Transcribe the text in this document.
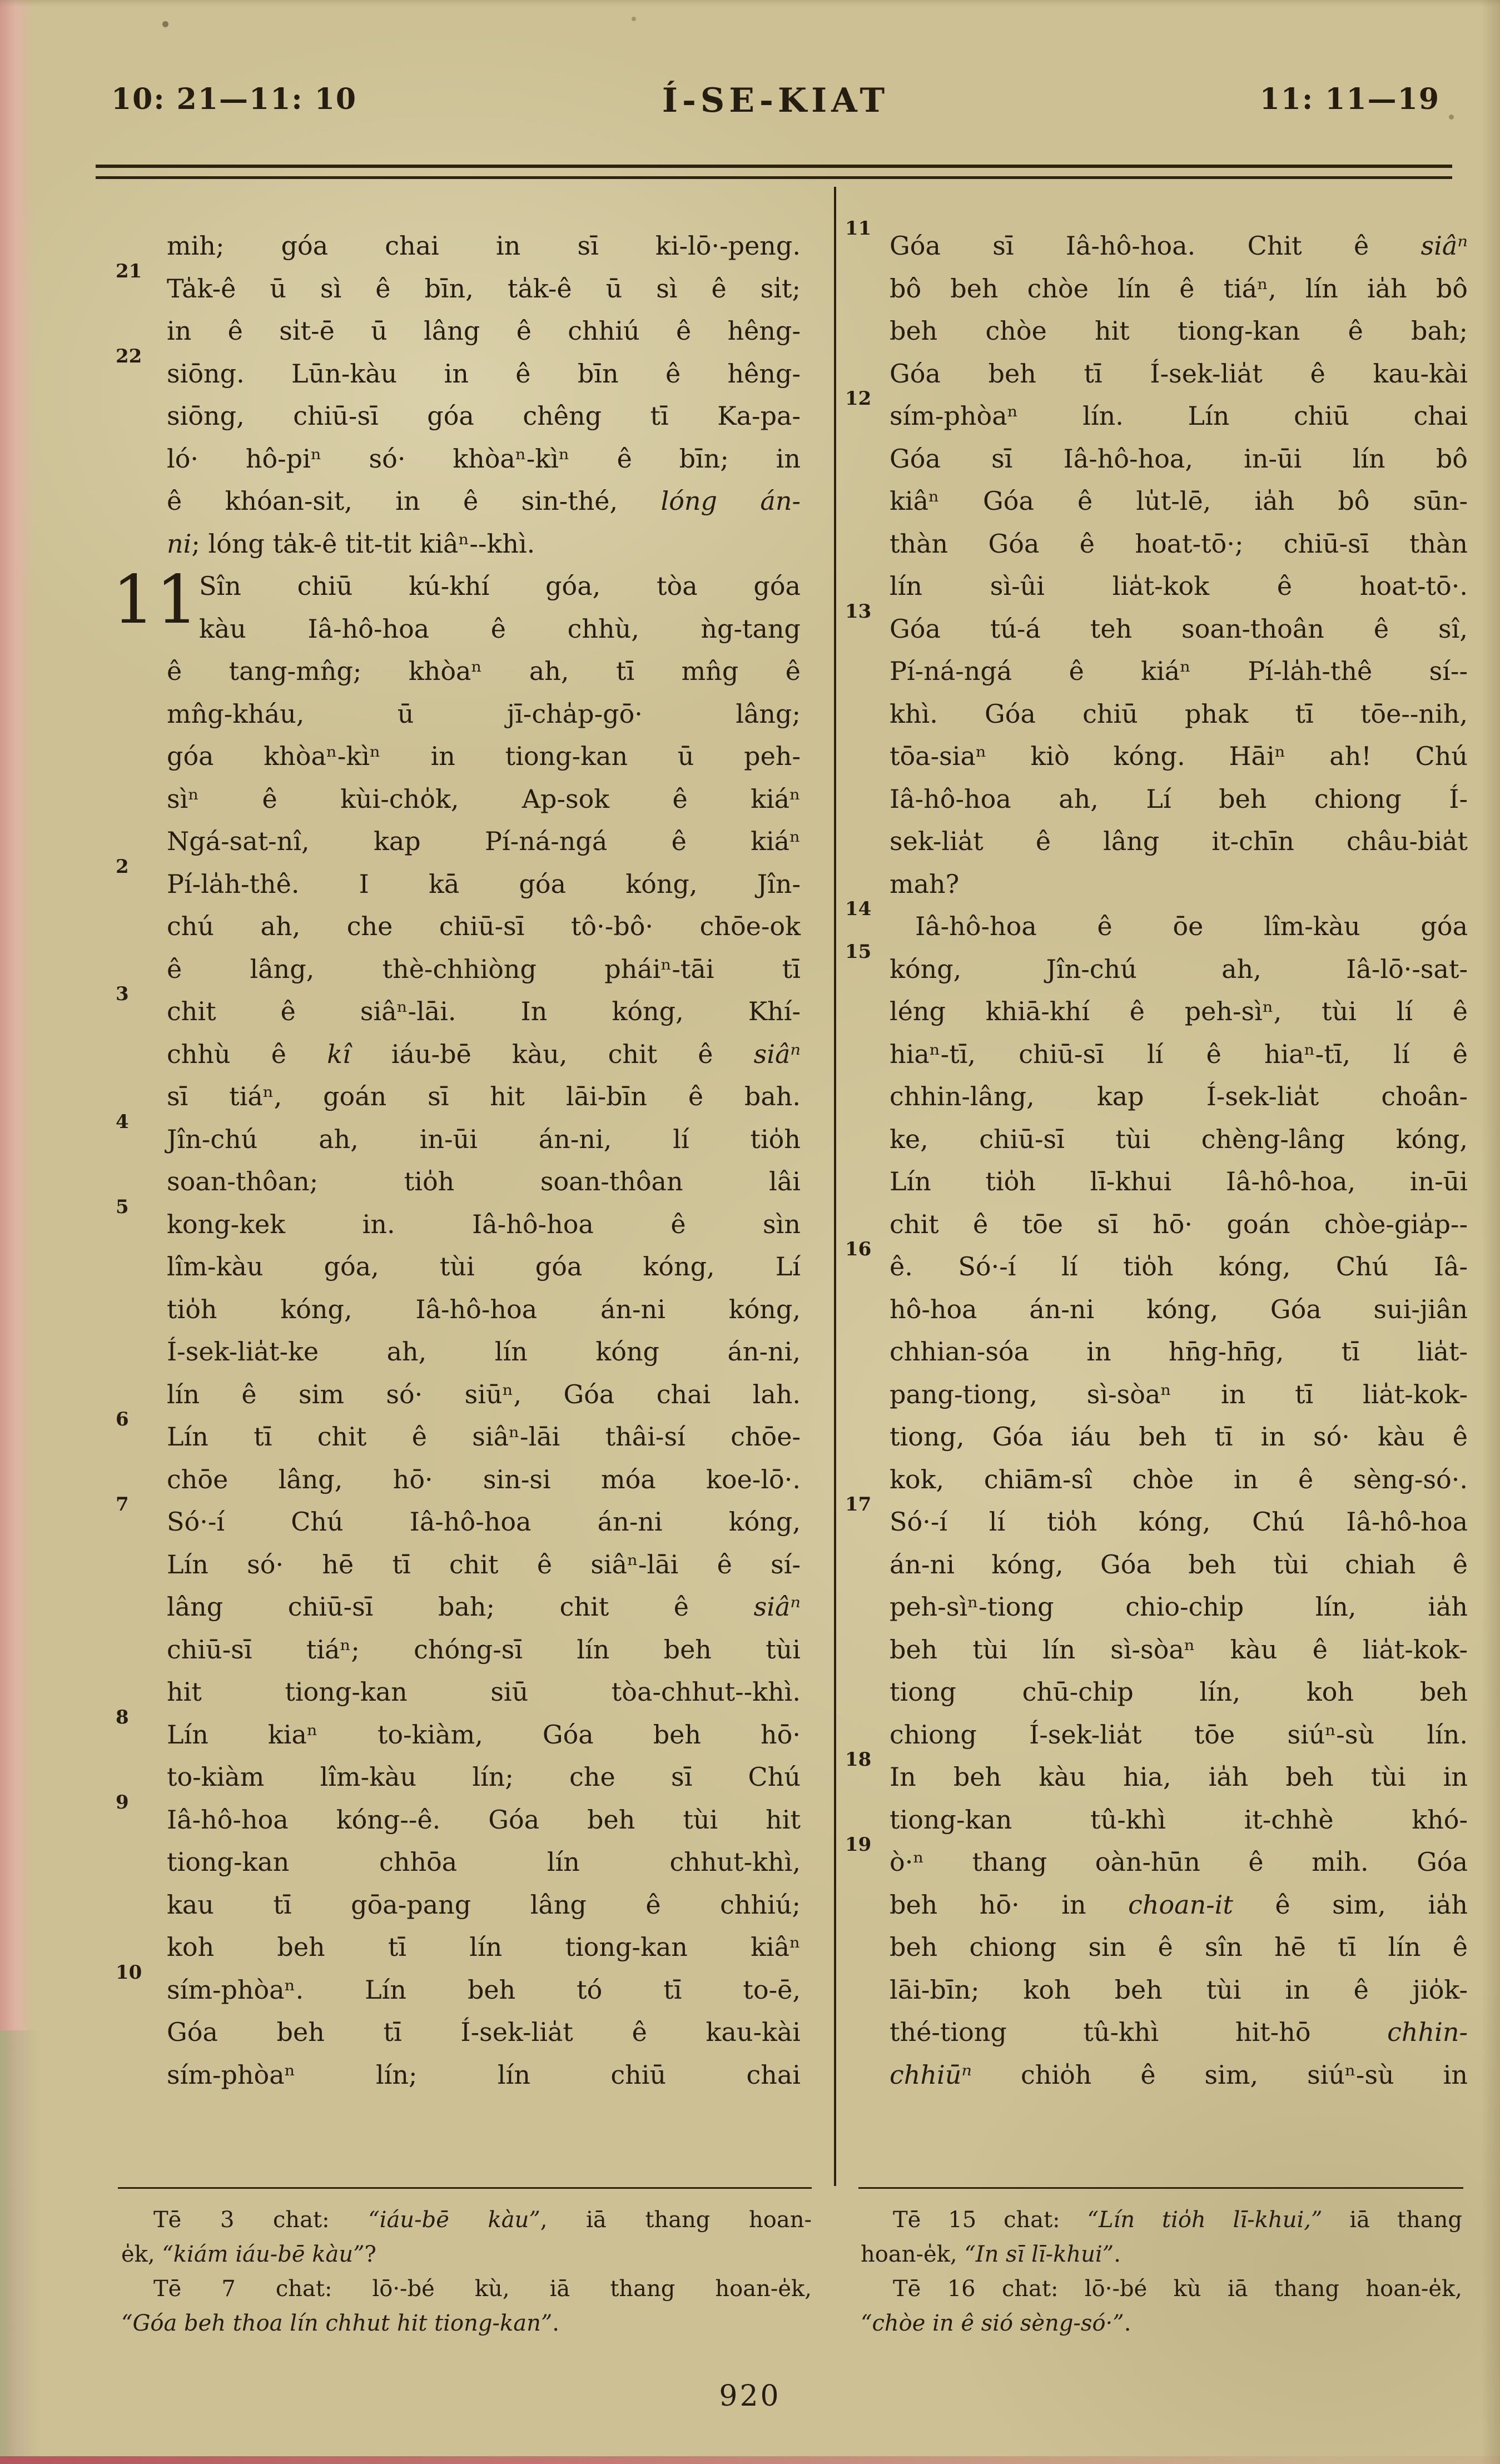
10: 21—11: 10	Í-SE-KIAT	11: 11—19
mih; góa chai in sī ki-lō·-peng.
21
Ta̍k-ê ū sì ê bīn, ta̍k-ê ū sì ê si̍t;
in ê si̍t-ē ū lâng ê chhiú ê hêng-
22
siōng. Lūn-kàu in ê bīn ê hêng-
siōng, chiū-sī góa chêng tī Ka-pa-
ló· hô-piⁿ só· khòaⁿ-kìⁿ ê bīn; in
ê khóan-sit, in ê sin-thé, lóng án-
ni; lóng ta̍k-ê ti̍t-ti̍t kiâⁿ--khì.
11 Sîn chiū kú-khí góa, tòa góa
kàu Iâ-hô-hoa ê chhù, ǹg-tang
ê tang-mn̂g; khòaⁿ ah, tī mn̂g ê
mn̂g-kháu, ū jī-cha̍p-gō· lâng;
góa khòaⁿ-kìⁿ in tiong-kan ū peh-
sìⁿ ê kùi-cho̍k, Ap-sok ê kiáⁿ
Ngá-sat-nî, kap Pí-ná-ngá ê kiáⁿ
2
Pí-la̍h-thê. I kā góa kóng, Jîn-
chú ah, che chiū-sī tô·-bô· chōe-ok
ê lâng, thè-chhiòng pháiⁿ-tāi tī
3
chit ê siâⁿ-lāi. In kóng, Khí-
chhù ê kî iáu-bē kàu, chit ê siâⁿ
sī tiáⁿ, goán sī hit lāi-bīn ê bah.
4
Jîn-chú ah, in-ūi án-ni, lí tio̍h
soan-thôan; tio̍h soan-thôan lâi
5
kong-kek in. Iâ-hô-hoa ê sìn
lîm-kàu góa, tùi góa kóng, Lí
tio̍h kóng, Iâ-hô-hoa án-ni kóng,
Í-sek-lia̍t-ke ah, lín kóng án-ni,
lín ê sim só· siūⁿ, Góa chai lah.
6
Lín tī chit ê siâⁿ-lāi thâi-sí chōe-
chōe lâng, hō· sin-si móa koe-lō·.
7
Só·-í Chú Iâ-hô-hoa án-ni kóng,
Lín só· hē tī chit ê siâⁿ-lāi ê sí-
lâng chiū-sī bah; chit ê siâⁿ
chiū-sī tiáⁿ; chóng-sī lín beh tùi
hit tiong-kan siū tòa-chhut--khì.
8
Lín kiaⁿ to-kiàm, Góa beh hō·
to-kiàm lîm-kàu lín; che sī Chú
9
Iâ-hô-hoa kóng--ê. Góa beh tùi hit
tiong-kan chhōa lín chhut-khì,
kau tī gōa-pang lâng ê chhiú;
koh beh tī lín tiong-kan kiâⁿ
10
sím-phòaⁿ. Lín beh tó tī to-ē,
Góa beh tī Í-sek-lia̍t ê kau-kài
sím-phòaⁿ lín; lín chiū chai
11
Góa sī Iâ-hô-hoa. Chit ê siâⁿ
bô beh chòe lín ê tiáⁿ, lín ia̍h bô
beh chòe hit tiong-kan ê bah;
Góa beh tī Í-sek-lia̍t ê kau-kài
12
sím-phòaⁿ lín. Lín chiū chai
Góa sī Iâ-hô-hoa, in-ūi lín bô
kiâⁿ Góa ê lu̍t-lē, ia̍h bô sūn-
thàn Góa ê hoat-tō·; chiū-sī thàn
lín sì-ûi lia̍t-kok ê hoat-tō·.
13
Góa tú-á teh soan-thoân ê sî,
Pí-ná-ngá ê kiáⁿ Pí-la̍h-thê sí--
khì. Góa chiū phak tī tōe--nih,
tōa-siaⁿ kiò kóng. Hāiⁿ ah! Chú
Iâ-hô-hoa ah, Lí beh chiong Í-
sek-lia̍t ê lâng it-chīn châu-bia̍t
mah?
14
Iâ-hô-hoa ê ōe lîm-kàu góa
15
kóng, Jîn-chú ah, Iâ-lō·-sat-
léng khiā-khí ê peh-sìⁿ, tùi lí ê
hiaⁿ-tī, chiū-sī lí ê hiaⁿ-tī, lí ê
chhin-lâng, kap Í-sek-lia̍t choân-
ke, chiū-sī tùi chèng-lâng kóng,
Lín tio̍h lī-khui Iâ-hô-hoa, in-ūi
chit ê tōe sī hō· goán chòe-gia̍p--
16
ê. Só·-í lí tio̍h kóng, Chú Iâ-
hô-hoa án-ni kóng, Góa sui-jiân
chhian-sóa in hn̄g-hn̄g, tī lia̍t-
pang-tiong, sì-sòaⁿ in tī lia̍t-kok-
tiong, Góa iáu beh tī in só· kàu ê
kok, chiām-sî chòe in ê sèng-só·.
17
Só·-í lí tio̍h kóng, Chú Iâ-hô-hoa
án-ni kóng, Góa beh tùi chiah ê
peh-sìⁿ-tiong chio-chi̍p lín, ia̍h
beh tùi lín sì-sòaⁿ kàu ê lia̍t-kok-
tiong chū-chi̍p lín, koh beh
chiong Í-sek-lia̍t tōe siúⁿ-sù lín.
18
In beh kàu hia, ia̍h beh tùi in
tiong-kan tû-khì it-chhè khó-
19
ò·ⁿ thang oàn-hūn ê mi̍h. Góa
beh hō· in choan-it ê sim, ia̍h
beh chiong sin ê sîn hē tī lín ê
lāi-bīn; koh beh tùi in ê jio̍k-
thé-tiong tû-khì hit-hō chhin-
chhiūⁿ chio̍h ê sim, siúⁿ-sù in
Tē 3 chat: “iáu-bē kàu”, iā thang hoan-
e̍k, “kiám iáu-bē kàu”?
Tē 7 chat: lō·-bé kù, iā thang hoan-e̍k,
“Góa beh thoa lín chhut hit tiong-kan”.
Tē 15 chat: “Lín tio̍h lī-khui,” iā thang
hoan-e̍k, “In sī lī-khui”.
Tē 16 chat: lō·-bé kù iā thang hoan-e̍k,
“chòe in ê sió sèng-só·”.
920
